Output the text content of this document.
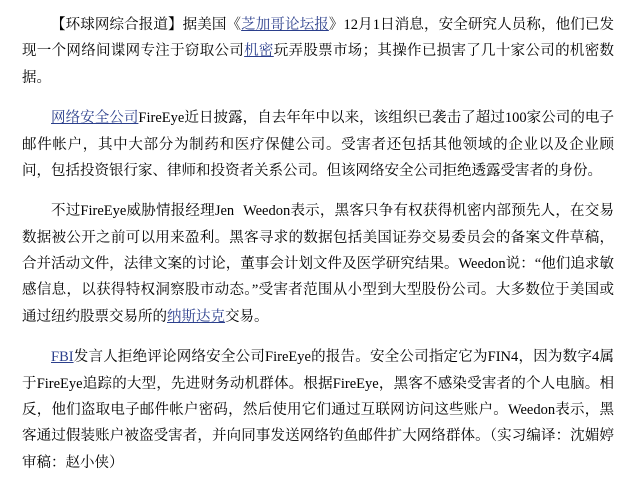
【环球网综合报道】据美国《芝加哥论坛报》12月1日消息，安全研究人员称，他们已发现一个网络间谍网专注于窃取公司机密玩弄股票市场；其操作已损害了几十家公司的机密数据。

网络安全公司FireEye近日披露，自去年年中以来，该组织已袭击了超过100家公司的电子邮件帐户，其中大部分为制药和医疗保健公司。受害者还包括其他领域的企业以及企业顾问，包括投资银行家、律师和投资者关系公司。但该网络安全公司拒绝透露受害者的身份。

不过FireEye威胁情报经理Jen Weedon表示，黑客只争有权获得机密内部预先人，在交易数据被公开之前可以用来盈利。黑客寻求的数据包括美国证券交易委员会的备案文件草稿，合并活动文件，法律文案的讨论，董事会计划文件及医学研究结果。Weedon说：“他们追求敏感信息，以获得特权洞察股市动态。”受害者范围从小型到大型股份公司。大多数位于美国或通过纽约股票交易所的纳斯达克交易。

FBI发言人拒绝评论网络安全公司FireEye的报告。安全公司指定它为FIN4，因为数字4属于FireEye追踪的大型，先进财务动机群体。根据FireEye，黑客不感染受害者的个人电脑。相反，他们盗取电子邮件帐户密码，然后使用它们通过互联网访问这些账户。Weedon表示，黑客通过假装账户被盗受害者，并向同事发送网络钓鱼邮件扩大网络群体。（实习编译：沈媚婷 审稿：赵小侠）
